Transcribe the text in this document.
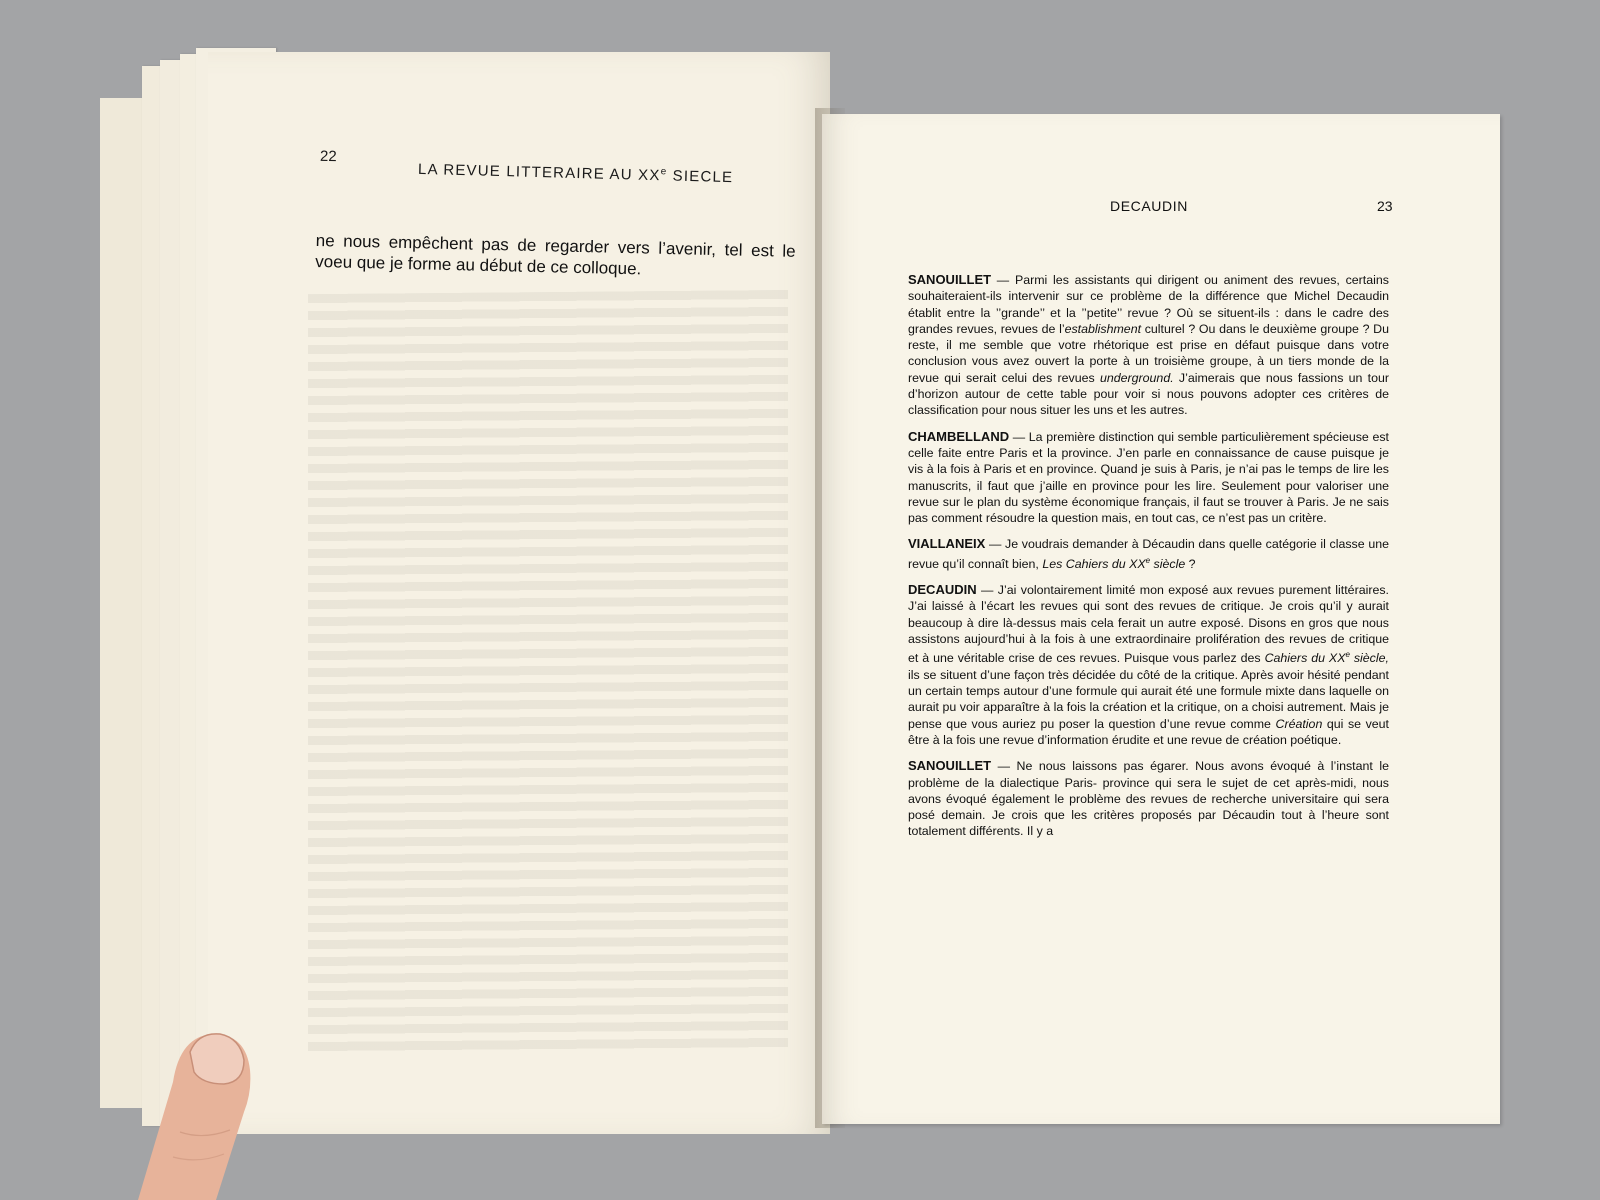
22
LA REVUE LITTERAIRE AU XXe SIECLE
ne nous empêchent pas de regarder vers l’avenir, tel est le voeu que je forme au début de ce colloque.
DECAUDIN	23

SANOUILLET — Parmi les assistants qui dirigent ou animent des revues, certains souhaiteraient-ils intervenir sur ce problème de la différence que Michel Decaudin établit entre la ’’grande’’ et la ’’petite’’ revue ? Où se situent-ils : dans le cadre des grandes revues, revues de l’establishment culturel ? Ou dans le deuxième groupe ? Du reste, il me semble que votre rhétorique est prise en défaut puisque dans votre conclusion vous avez ouvert la porte à un troisième groupe, à un tiers monde de la revue qui serait celui des revues underground. J’aimerais que nous fassions un tour d’horizon autour de cette table pour voir si nous pouvons adopter ces critères de classification pour nous situer les uns et les autres.

CHAMBELLAND — La première distinction qui semble particulièrement spécieuse est celle faite entre Paris et la province. J’en parle en connaissance de cause puisque je vis à la fois à Paris et en province. Quand je suis à Paris, je n’ai pas le temps de lire les manuscrits, il faut que j’aille en province pour les lire. Seulement pour valoriser une revue sur le plan du système économique français, il faut se trouver à Paris. Je ne sais pas comment résoudre la question mais, en tout cas, ce n’est pas un critère.

VIALLANEIX — Je voudrais demander à Décaudin dans quelle catégorie il classe une revue qu’il connaît bien, Les Cahiers du XXe siècle ?

DECAUDIN — J’ai volontairement limité mon exposé aux revues purement littéraires. J’ai laissé à l’écart les revues qui sont des revues de critique. Je crois qu’il y aurait beaucoup à dire là-dessus mais cela ferait un autre exposé. Disons en gros que nous assistons aujourd’hui à la fois à une extraordinaire prolifération des revues de critique et à une véritable crise de ces revues. Puisque vous parlez des Cahiers du XXe siècle, ils se situent d’une façon très décidée du côté de la critique. Après avoir hésité pendant un certain temps autour d’une formule qui aurait été une formule mixte dans laquelle on aurait pu voir apparaître à la fois la création et la critique, on a choisi autrement. Mais je pense que vous auriez pu poser la question d’une revue comme Création qui se veut être à la fois une revue d’information érudite et une revue de création poétique.

SANOUILLET — Ne nous laissons pas égarer. Nous avons évoqué à l’instant le problème de la dialectique Paris- province qui sera le sujet de cet après-midi, nous avons évoqué également le problème des revues de recherche universitaire qui sera posé demain. Je crois que les critères proposés par Décaudin tout à l’heure sont totalement différents. Il y a
